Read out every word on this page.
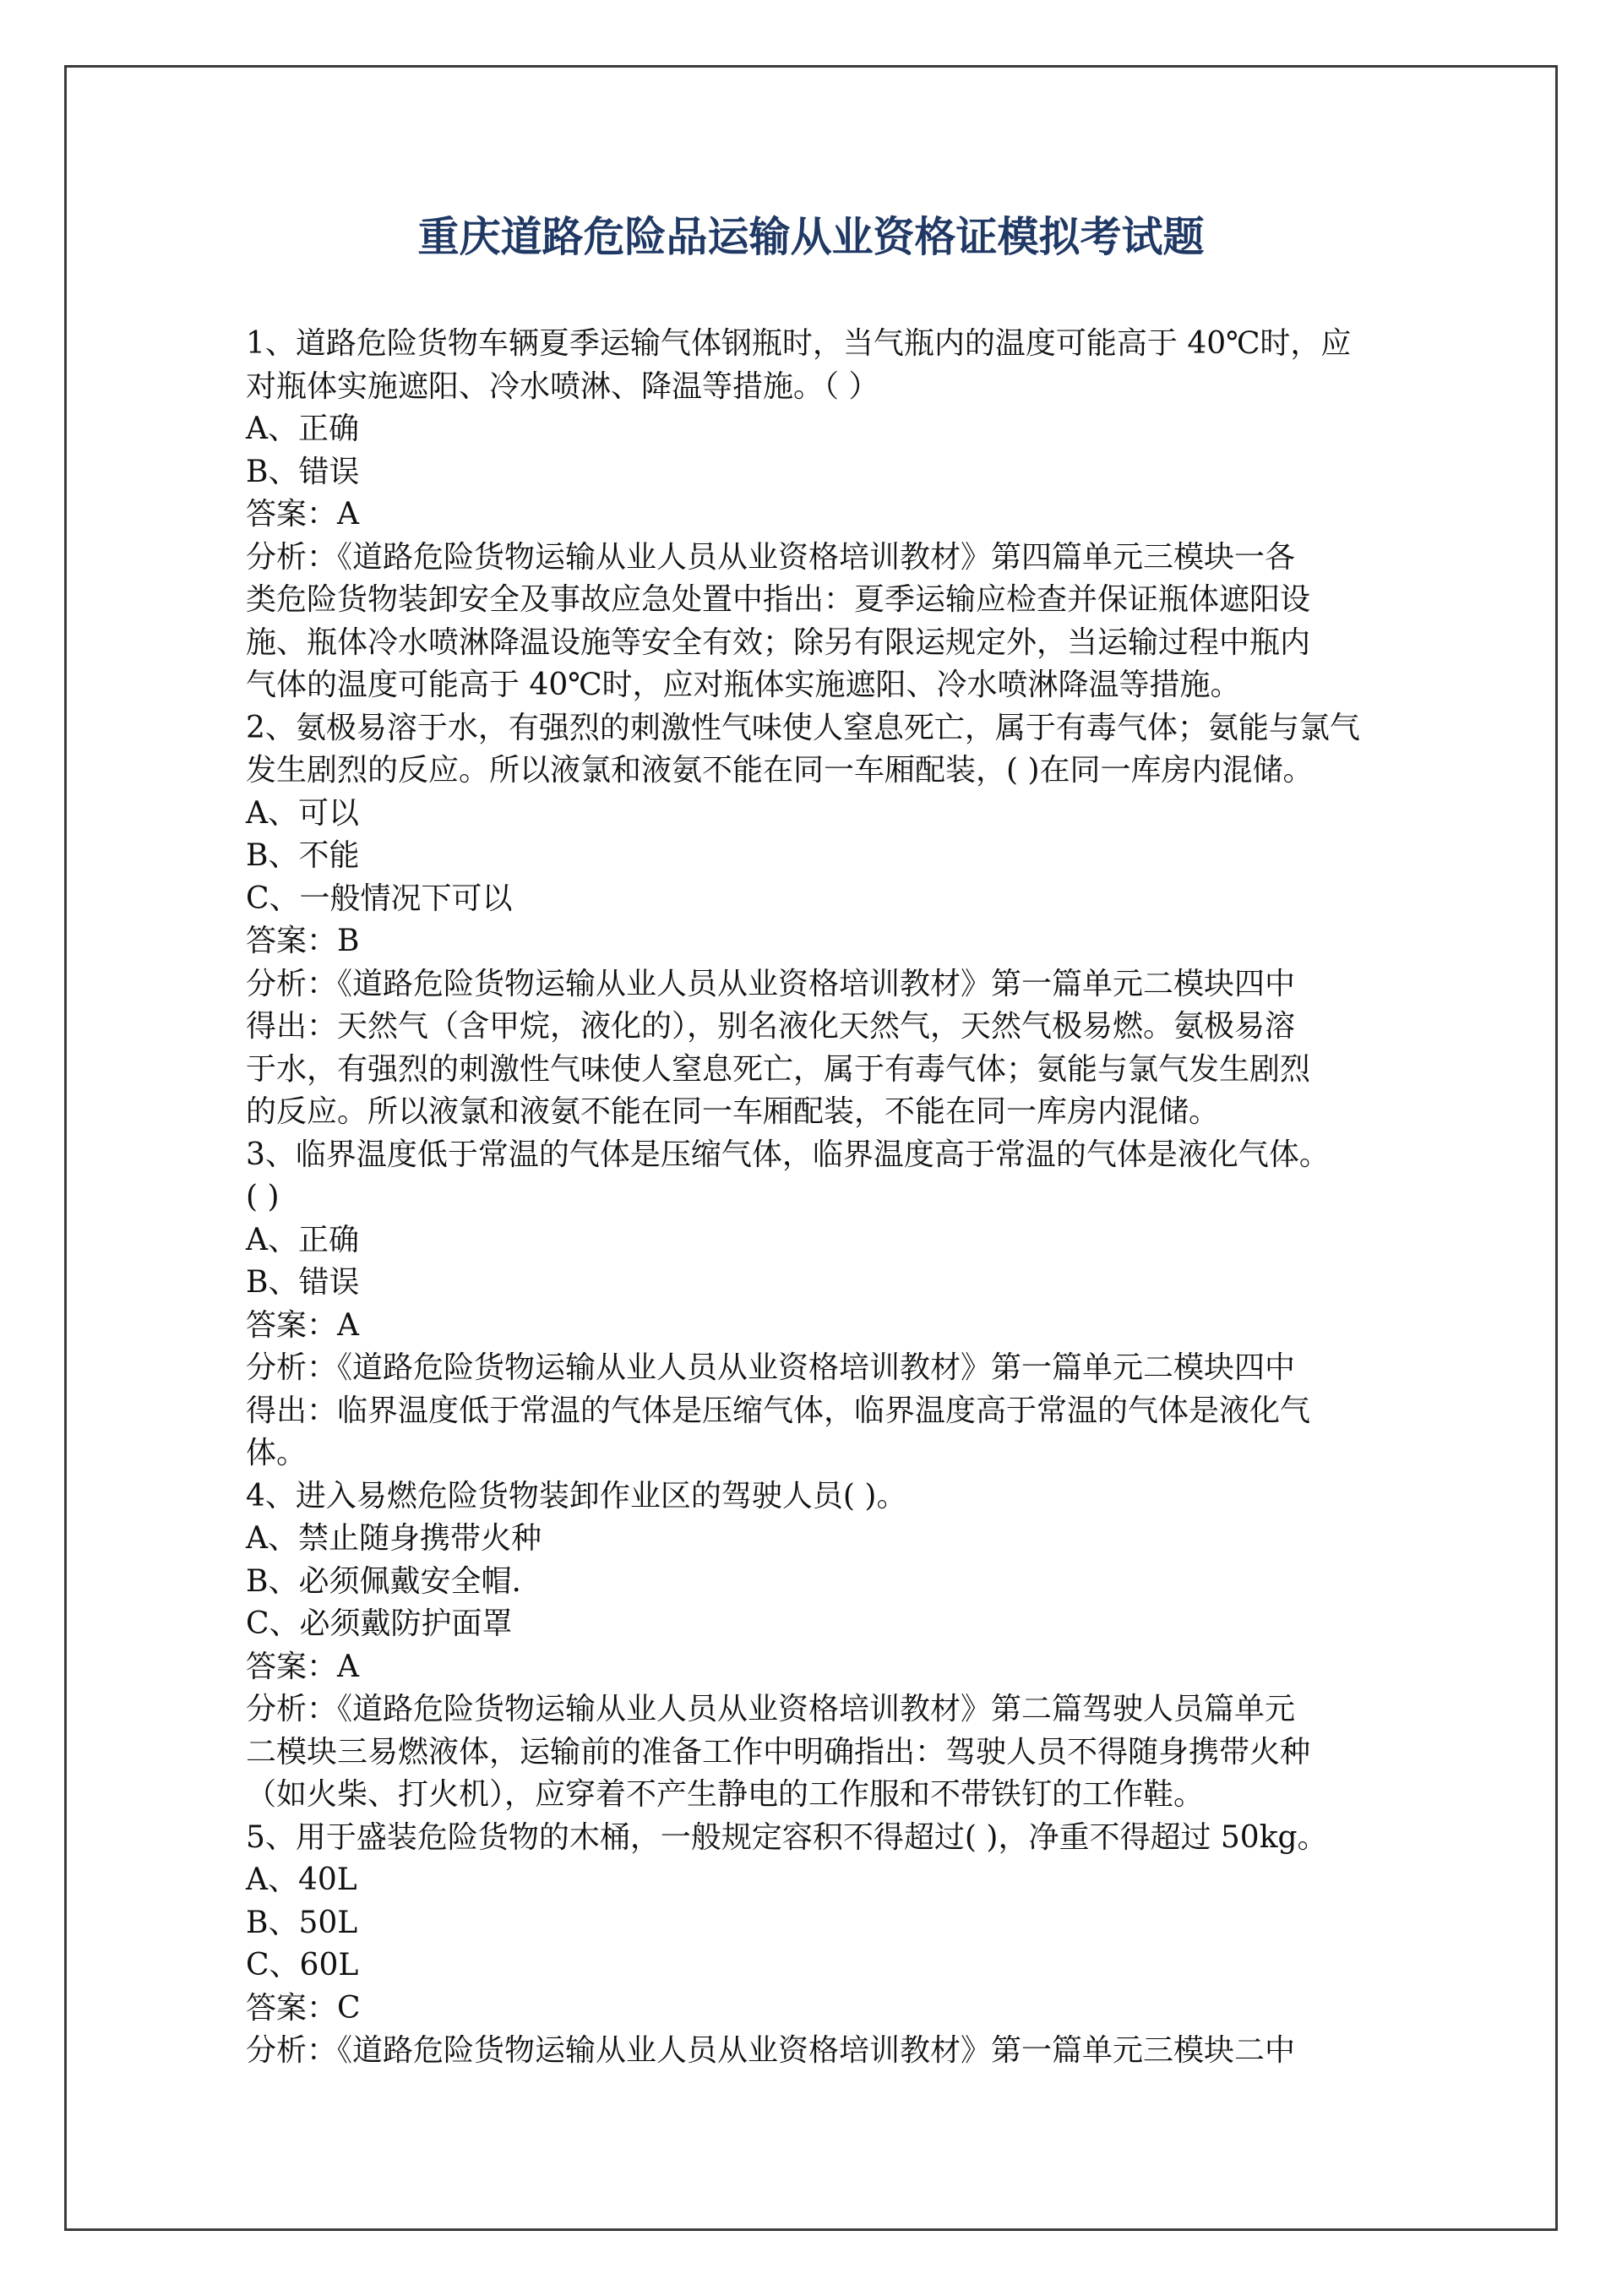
重庆道路危险品运输从业资格证模拟考试题
1、道路危险货物车辆夏季运输气体钢瓶时，当气瓶内的温度可能高于 40℃时，应
对瓶体实施遮阳、冷水喷淋、降温等措施。（ ）
A、正确
B、错误
答案：A
分析：《道路危险货物运输从业人员从业资格培训教材》第四篇单元三模块一各
类危险货物装卸安全及事故应急处置中指出：夏季运输应检查并保证瓶体遮阳设
施、瓶体冷水喷淋降温设施等安全有效；除另有限运规定外，当运输过程中瓶内
气体的温度可能高于 40℃时，应对瓶体实施遮阳、冷水喷淋降温等措施。
2、氨极易溶于水，有强烈的刺激性气味使人窒息死亡，属于有毒气体；氨能与氯气
发生剧烈的反应。所以液氯和液氨不能在同一车厢配装，( )在同一库房内混储。
A、可以
B、不能
C、一般情况下可以
答案：B
分析：《道路危险货物运输从业人员从业资格培训教材》第一篇单元二模块四中
得出：天然气（含甲烷，液化的），别名液化天然气，天然气极易燃。氨极易溶
于水，有强烈的刺激性气味使人窒息死亡，属于有毒气体；氨能与氯气发生剧烈
的反应。所以液氯和液氨不能在同一车厢配装，不能在同一库房内混储。
3、临界温度低于常温的气体是压缩气体，临界温度高于常温的气体是液化气体。
( )
A、正确
B、错误
答案：A
分析：《道路危险货物运输从业人员从业资格培训教材》第一篇单元二模块四中
得出：临界温度低于常温的气体是压缩气体，临界温度高于常温的气体是液化气
体。
4、进入易燃危险货物装卸作业区的驾驶人员( )。
A、禁止随身携带火种
B、必须佩戴安全帽.
C、必须戴防护面罩
答案：A
分析：《道路危险货物运输从业人员从业资格培训教材》第二篇驾驶人员篇单元
二模块三易燃液体，运输前的准备工作中明确指出：驾驶人员不得随身携带火种
（如火柴、打火机），应穿着不产生静电的工作服和不带铁钉的工作鞋。
5、用于盛装危险货物的木桶，一般规定容积不得超过( )，净重不得超过 50kg。
A、40L
B、50L
C、60L
答案：C
分析：《道路危险货物运输从业人员从业资格培训教材》第一篇单元三模块二中
